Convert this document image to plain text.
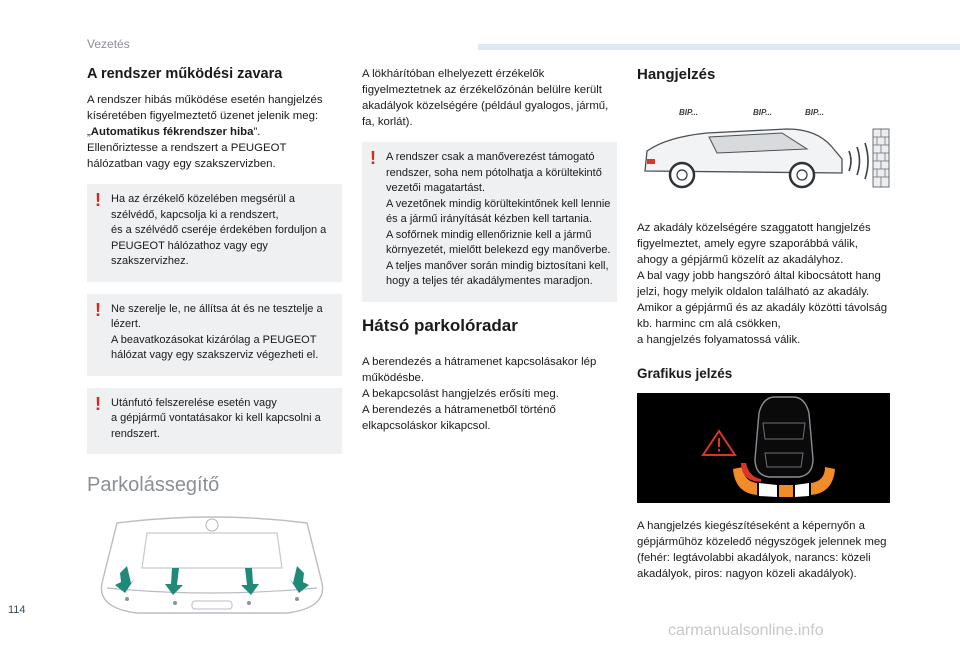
Vezetés
A rendszer működési zavara

A rendszer hibás működése esetén hangjelzés kíséretében figyelmeztető üzenet jelenik meg: „Automatikus fékrendszer hiba”.
Ellenőriztesse a rendszert a PEUGEOT hálózatban vagy egy szakszervizben.

! Ha az érzékelő közelében megsérül a szélvédő, kapcsolja ki a rendszert,
és a szélvédő cseréje érdekében forduljon a PEUGEOT hálózathoz vagy egy szakszervizhez.
! Ne szerelje le, ne állítsa át és ne tesztelje a lézert.
A beavatkozásokat kizárólag a PEUGEOT hálózat vagy egy szakszerviz végezheti el.
! Utánfutó felszerelése esetén vagy
a gépjármű vontatásakor ki kell kapcsolni a rendszert.
Parkolássegítő

A lökhárítóban elhelyezett érzékelők figyelmeztetnek az érzékelőzónán belülre került akadályok közelségére (például gyalogos, jármű, fa, korlát).

! A rendszer csak a manőverezést támogató rendszer, soha nem pótolhatja a körültekintő vezetői magatartást.
A vezetőnek mindig körültekintőnek kell lennie és a jármű irányítását kézben kell tartania.
A sofőrnek mindig ellenőriznie kell a jármű környezetét, mielőtt belekezd egy manőverbe.
A teljes manőver során mindig biztosítani kell, hogy a teljes tér akadálymentes maradjon.
Hátsó parkolóradar

A berendezés a hátramenet kapcsolásakor lép működésbe.
A bekapcsolást hangjelzés erősíti meg.
A berendezés a hátramenetből történő elkapcsoláskor kikapcsol.

Hangjelzés
BIP...	BIP...	BIP...

Az akadály közelségére szaggatott hangjelzés figyelmeztet, amely egyre szaporábbá válik, ahogy a gépjármű közelít az akadályhoz.
A bal vagy jobb hangszóró által kibocsátott hang jelzi, hogy melyik oldalon található az akadály.
Amikor a gépjármű és az akadály közötti távolság kb. harminc cm alá csökken,
a hangjelzés folyamatossá válik.

Grafikus jelzés

A hangjelzés kiegészítéseként a képernyőn a gépjárműhöz közeledő négyszögek jelennek meg (fehér: legtávolabbi akadályok, narancs: közeli akadályok, piros: nagyon közeli akadályok).

114
carmanualsonline.info
